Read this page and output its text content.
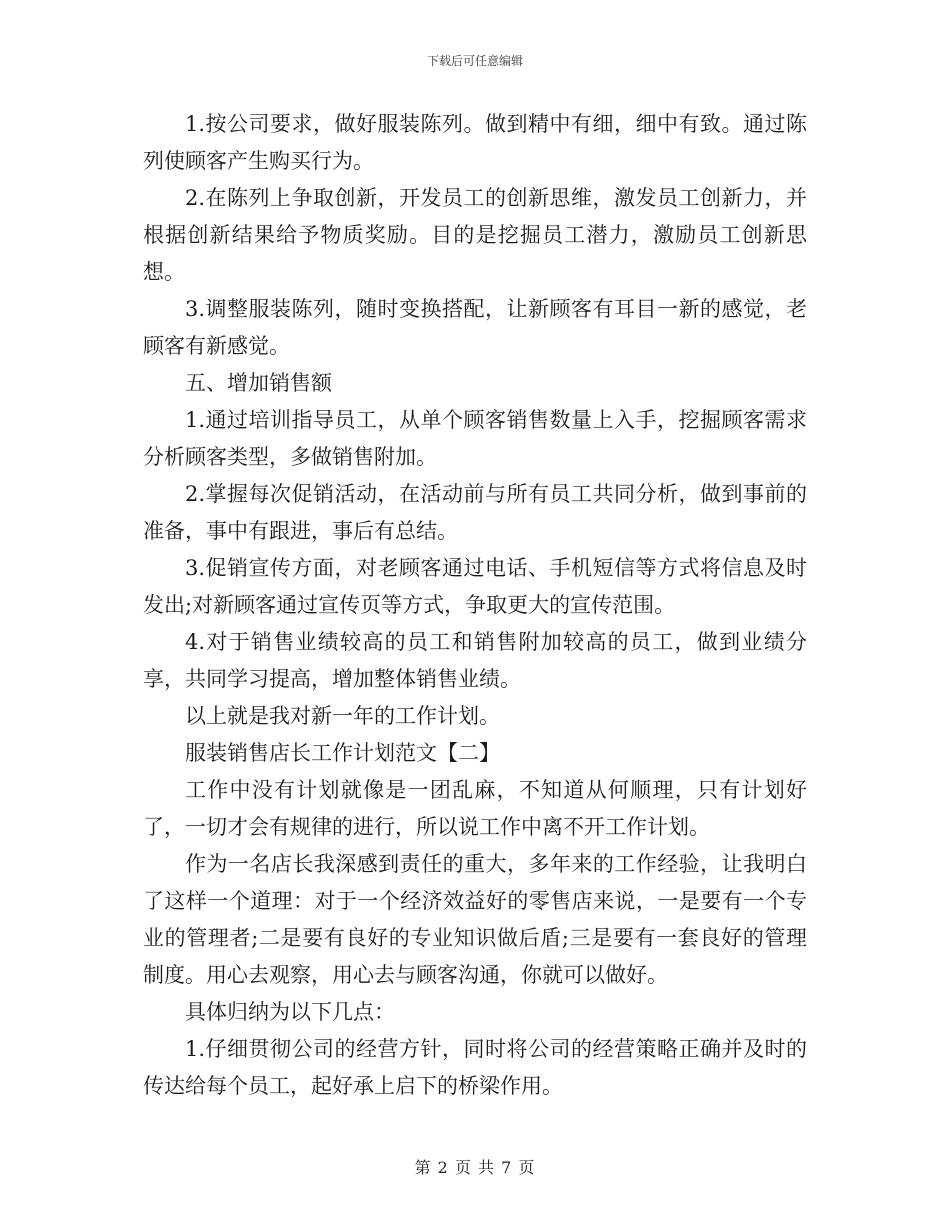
下载后可任意编辑

1.按公司要求，做好服装陈列。做到精中有细，细中有致。通过陈列使顾客产生购买行为。

2.在陈列上争取创新，开发员工的创新思维，激发员工创新力，并根据创新结果给予物质奖励。目的是挖掘员工潜力，激励员工创新思想。

3.调整服装陈列，随时变换搭配，让新顾客有耳目一新的感觉，老顾客有新感觉。

五、增加销售额

1.通过培训指导员工，从单个顾客销售数量上入手，挖掘顾客需求分析顾客类型，多做销售附加。

2.掌握每次促销活动，在活动前与所有员工共同分析，做到事前的准备，事中有跟进，事后有总结。

3.促销宣传方面，对老顾客通过电话、手机短信等方式将信息及时发出;对新顾客通过宣传页等方式，争取更大的宣传范围。

4.对于销售业绩较高的员工和销售附加较高的员工，做到业绩分享，共同学习提高，增加整体销售业绩。

以上就是我对新一年的工作计划。

服装销售店长工作计划范文【二】

工作中没有计划就像是一团乱麻，不知道从何顺理，只有计划好了，一切才会有规律的进行，所以说工作中离不开工作计划。

作为一名店长我深感到责任的重大，多年来的工作经验，让我明白了这样一个道理：对于一个经济效益好的零售店来说，一是要有一个专业的管理者;二是要有良好的专业知识做后盾;三是要有一套良好的管理制度。用心去观察，用心去与顾客沟通，你就可以做好。

具体归纳为以下几点：

1.仔细贯彻公司的经营方针，同时将公司的经营策略正确并及时的传达给每个员工，起好承上启下的桥梁作用。

第 2 页 共 7 页
